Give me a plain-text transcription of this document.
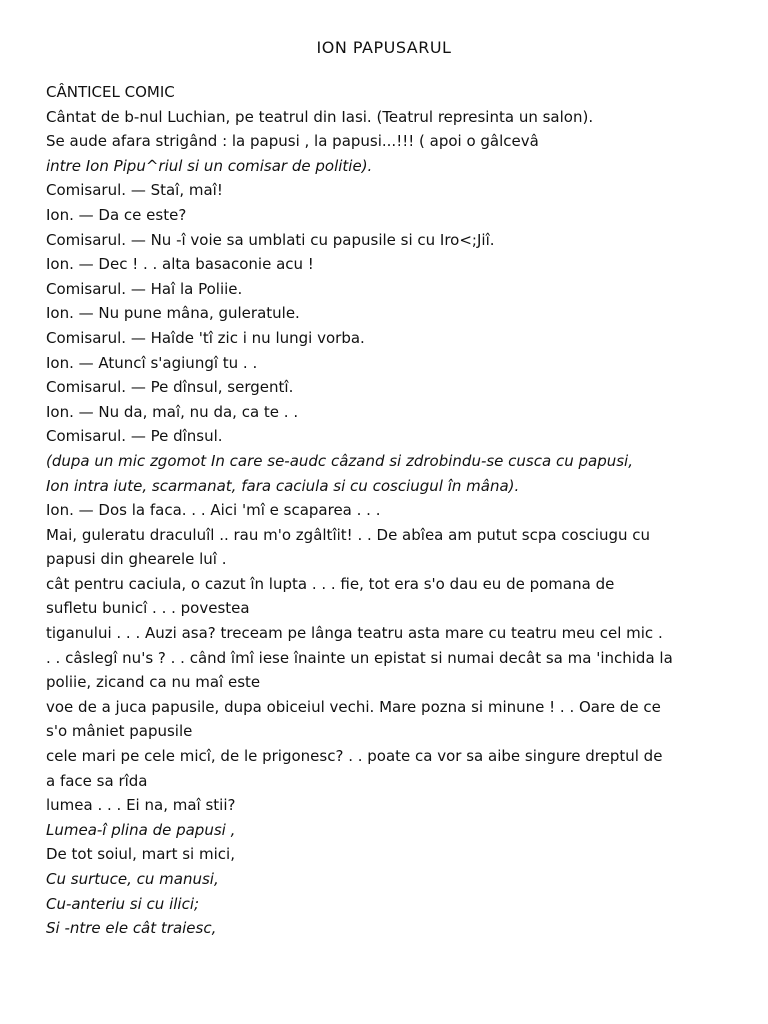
ION PAPUSARUL

CÂNTICEL COMIC

Cântat de b-nul Luchian, pe teatrul din Iasi. (Teatrul represinta un salon).

Se aude afara strigând : la papusi , la papusi...!!! ( apoi o gâlcevâ

intre Ion Pipu^riul si un comisar de politie).

Comisarul. — Staî, maî!

Ion. — Da ce este?

Comisarul. — Nu -î voie sa umblati cu papusile si cu Iro<;Jiî.

Ion. — Dec ! . . alta basaconie acu !

Comisarul. — Haî la Poliie.

Ion. — Nu pune mâna, guleratule.

Comisarul. — Haîde 'tî zic i nu lungi vorba.

Ion. — Atuncî s'agiungî tu . .

Comisarul. — Pe dînsul, sergentî.

Ion. — Nu da, maî, nu da, ca te . .

Comisarul. — Pe dînsul.

(dupa un mic zgomot In care se-audc câzand si zdrobindu-se cusca cu papusi,

Ion intra iute, scarmanat, fara caciula si cu cosciugul în mâna).

Ion. — Dos la faca. . . Aici 'mî e scaparea . . .

Mai, guleratu draculuîl .. rau m'o zgâltîit! . . De abîea am putut scpa cosciugu cu

papusi din ghearele luî .

cât pentru caciula, o cazut în lupta . . . fie, tot era s'o dau eu de pomana de

sufletu bunicî . . . povestea

tiganului . . . Auzi asa? treceam pe lânga teatru asta mare cu teatru meu cel mic .

. . câslegî nu's ? . . când îmî iese înainte un epistat si numai decât sa ma 'inchida la

poliie, zicand ca nu maî este

voe de a juca papusile, dupa obiceiul vechi. Mare pozna si minune ! . . Oare de ce

s'o mâniet papusile

cele mari pe cele micî, de le prigonesc? . . poate ca vor sa aibe singure dreptul de

a face sa rîda

lumea . . . Ei na, maî stii?

Lumea-î plina de papusi ,

De tot soiul, mart si mici,

Cu surtuce, cu manusi,

Cu-anteriu si cu ilici;

Si -ntre ele cât traiesc,
